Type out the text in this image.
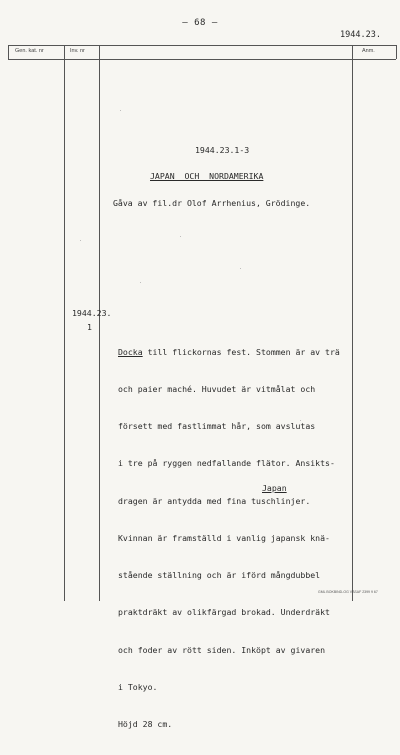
– 68 –
1944.23.
Gen. kat. nr	Inv. nr	Anm.
1944.23.1-3
JAPAN  OCH  NORDAMERIKA
Gåva av fil.dr Olof Arrhenius, Grödinge.
1944.23.
1

Docka till flickornas fest. Stommen är av trä

och paier maché. Huvudet är vitmålat och

försett med fastlimmat hår, som avslutas

i tre på ryggen nedfallande flätor. Ansikts-

dragen är antydda med fina tuschlinjer.

Kvinnan är framställd i vanlig japansk knä-

stående ställning och är iförd mångdubbel

praktdräkt av olikfärgad brokad. Underdräkt

och foder av rött siden. Inköpt av givaren

i Tokyo.

Höjd 28 cm.

Japan
GML BOKBIND-OG VÄSAF 2399 9 67
